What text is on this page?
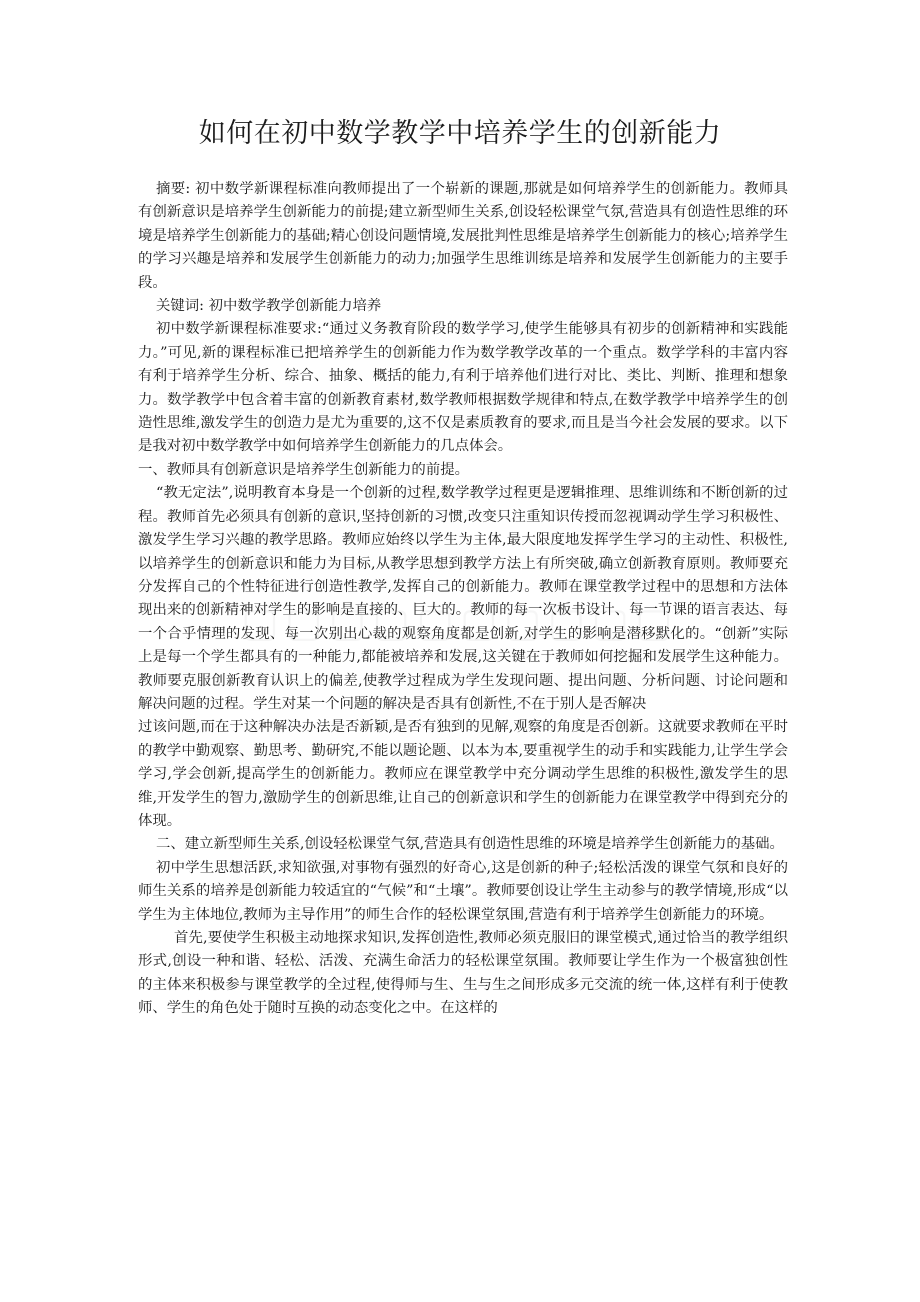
如何在初中数学教学中培养学生的创新能力

摘要: 初中数学新课程标准向教师提出了一个崭新的课题,那就是如何培养学生的创新能力。教师具有创新意识是培养学生创新能力的前提;建立新型师生关系,创设轻松课堂气氛,营造具有创造性思维的环境是培养学生创新能力的基础;精心创设问题情境,发展批判性思维是培养学生创新能力的核心;培养学生的学习兴趣是培养和发展学生创新能力的动力;加强学生思维训练是培养和发展学生创新能力的主要手段。

关键词: 初中数学教学创新能力培养

初中数学新课程标准要求:“通过义务教育阶段的数学学习,使学生能够具有初步的创新精神和实践能力。”可见,新的课程标准已把培养学生的创新能力作为数学教学改革的一个重点。数学学科的丰富内容有利于培养学生分析、综合、抽象、概括的能力,有利于培养他们进行对比、类比、判断、推理和想象力。数学教学中包含着丰富的创新教育素材,数学教师根据数学规律和特点,在数学教学中培养学生的创造性思维,激发学生的创造力是尤为重要的,这不仅是素质教育的要求,而且是当今社会发展的要求。以下是我对初中数学教学中如何培养学生创新能力的几点体会。

一、教师具有创新意识是培养学生创新能力的前提。

“教无定法”,说明教育本身是一个创新的过程,数学教学过程更是逻辑推理、思维训练和不断创新的过程。教师首先必须具有创新的意识,坚持创新的习惯,改变只注重知识传授而忽视调动学生学习积极性、激发学生学习兴趣的教学思路。教师应始终以学生为主体,最大限度地发挥学生学习的主动性、积极性,以培养学生的创新意识和能力为目标,从教学思想到教学方法上有所突破,确立创新教育原则。教师要充分发挥自己的个性特征进行创造性教学,发挥自己的创新能力。教师在课堂教学过程中的思想和方法体现出来的创新精神对学生的影响是直接的、巨大的。教师的每一次板书设计、每一节课的语言表达、每一个合乎情理的发现、每一次别出心裁的观察角度都是创新,对学生的影响是潜移默化的。“创新”实际上是每一个学生都具有的一种能力,都能被培养和发展,这关键在于教师如何挖掘和发展学生这种能力。教师要克服创新教育认识上的偏差,使教学过程成为学生发现问题、提出问题、分析问题、讨论问题和解决问题的过程。学生对某一个问题的解决是否具有创新性,不在于别人是否解决

过该问题,而在于这种解决办法是否新颖,是否有独到的见解,观察的角度是否创新。这就要求教师在平时的教学中勤观察、勤思考、勤研究,不能以题论题、以本为本,要重视学生的动手和实践能力,让学生学会学习,学会创新,提高学生的创新能力。教师应在课堂教学中充分调动学生思维的积极性,激发学生的思维,开发学生的智力,激励学生的创新思维,让自己的创新意识和学生的创新能力在课堂教学中得到充分的体现。

二、建立新型师生关系,创设轻松课堂气氛,营造具有创造性思维的环境是培养学生创新能力的基础。

初中学生思想活跃,求知欲强,对事物有强烈的好奇心,这是创新的种子;轻松活泼的课堂气氛和良好的师生关系的培养是创新能力较适宜的“气候”和“土壤”。教师要创设让学生主动参与的教学情境,形成“以学生为主体地位,教师为主导作用”的师生合作的轻松课堂氛围,营造有利于培养学生创新能力的环境。

首先,要使学生积极主动地探求知识,发挥创造性,教师必须克服旧的课堂模式,通过恰当的教学组织形式,创设一种和谐、轻松、活泼、充满生命活力的轻松课堂氛围。教师要让学生作为一个极富独创性的主体来积极参与课堂教学的全过程,使得师与生、生与生之间形成多元交流的统一体,这样有利于使教师、学生的角色处于随时互换的动态变化之中。在这样的
